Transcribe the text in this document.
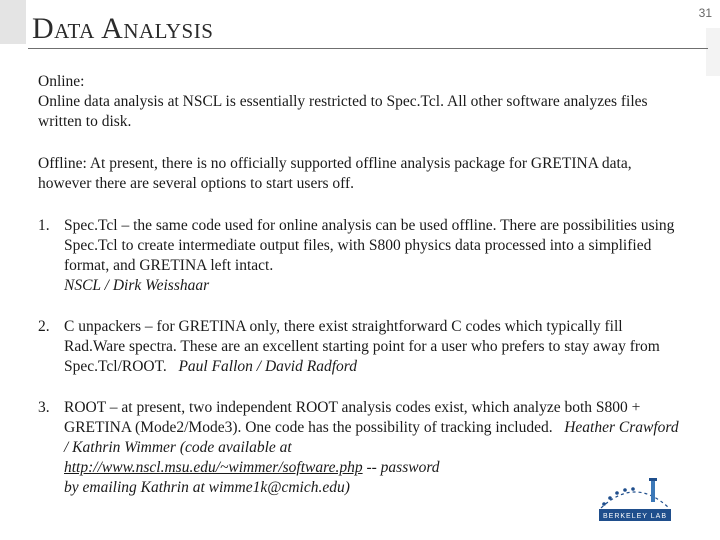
Data Analysis	31

Online:
Online data analysis at NSCL is essentially restricted to Spec.Tcl. All other software analyzes files written to disk.

Offline: At present, there is no officially supported offline analysis package for GRETINA data, however there are several options to start users off.

1. Spec.Tcl – the same code used for online analysis can be used offline. There are possibilities using Spec.Tcl to create intermediate output files, with S800 physics data processed into a simplified format, and GRETINA left intact.
NSCL / Dirk Weisshaar
2. C unpackers – for GRETINA only, there exist straightforward C codes which typically fill Rad.Ware spectra. These are an excellent starting point for a user who prefers to stay away from Spec.Tcl/ROOT. Paul Fallon / David Radford
3. ROOT – at present, two independent ROOT analysis codes exist, which analyze both S800 + GRETINA (Mode2/Mode3). One code has the possibility of tracking included. Heather Crawford / Kathrin Wimmer (code available at
http://www.nscl.msu.edu/~wimmer/software.php -- password
by emailing Kathrin at wimme1k@cmich.edu)
BERKELEY LAB
